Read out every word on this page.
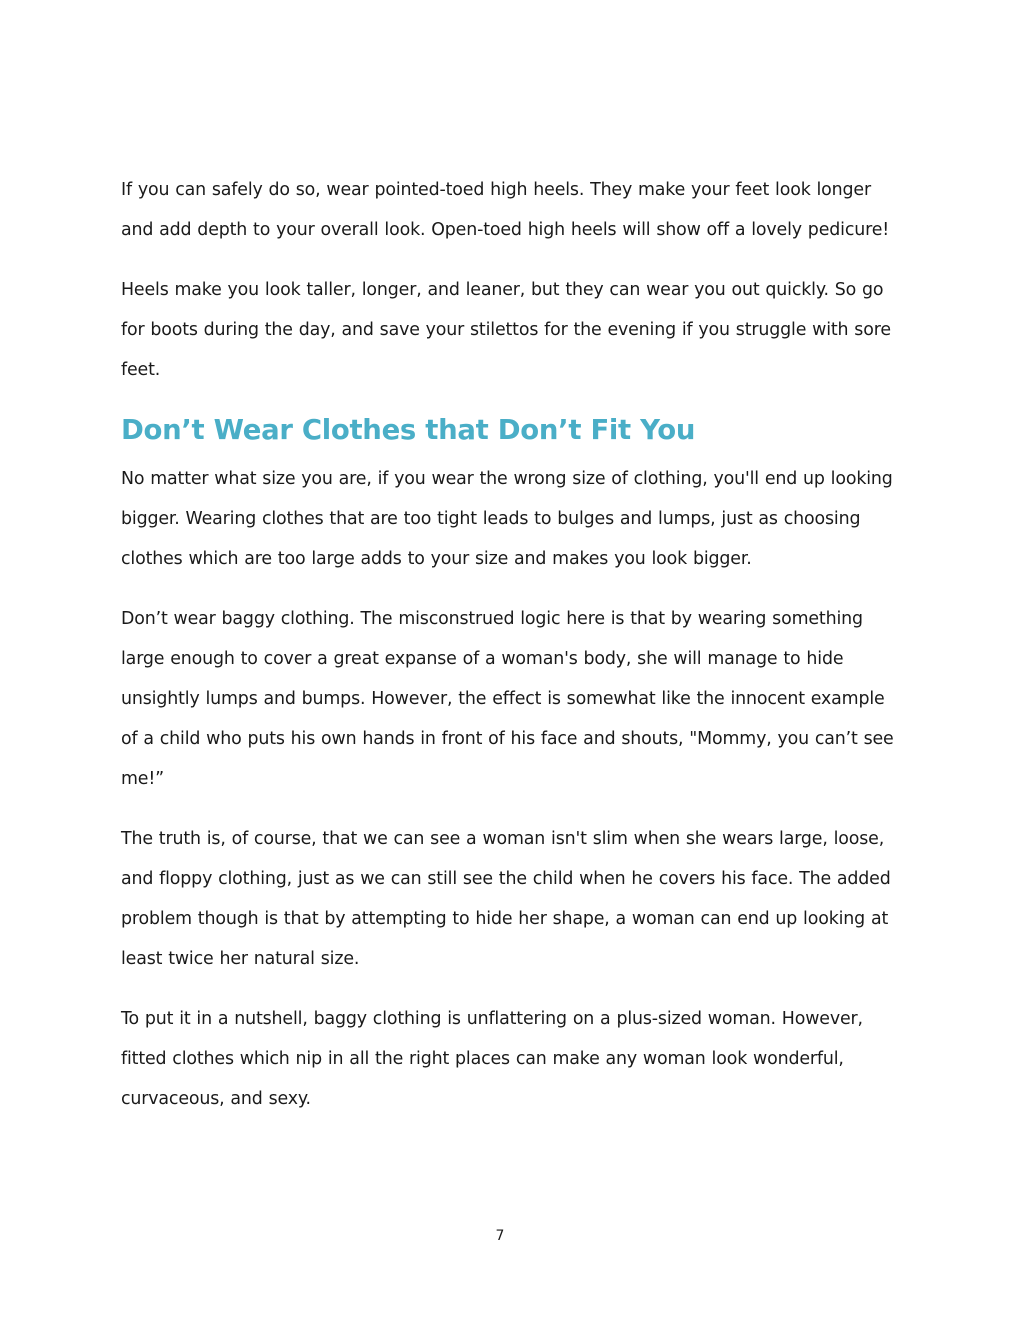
If you can safely do so, wear pointed-toed high heels. They make your feet look longer and add depth to your overall look. Open-toed high heels will show off a lovely pedicure!

Heels make you look taller, longer, and leaner, but they can wear you out quickly. So go for boots during the day, and save your stilettos for the evening if you struggle with sore feet.

Don’t Wear Clothes that Don’t Fit You

No matter what size you are, if you wear the wrong size of clothing, you'll end up looking bigger. Wearing clothes that are too tight leads to bulges and lumps, just as choosing clothes which are too large adds to your size and makes you look bigger.

Don’t wear baggy clothing. The misconstrued logic here is that by wearing something large enough to cover a great expanse of a woman's body, she will manage to hide unsightly lumps and bumps. However, the effect is somewhat like the innocent example of a child who puts his own hands in front of his face and shouts, "Mommy, you can’t see me!”

The truth is, of course, that we can see a woman isn't slim when she wears large, loose, and floppy clothing, just as we can still see the child when he covers his face. The added problem though is that by attempting to hide her shape, a woman can end up looking at least twice her natural size.

To put it in a nutshell, baggy clothing is unflattering on a plus-sized woman. However, fitted clothes which nip in all the right places can make any woman look wonderful, curvaceous, and sexy.

7
